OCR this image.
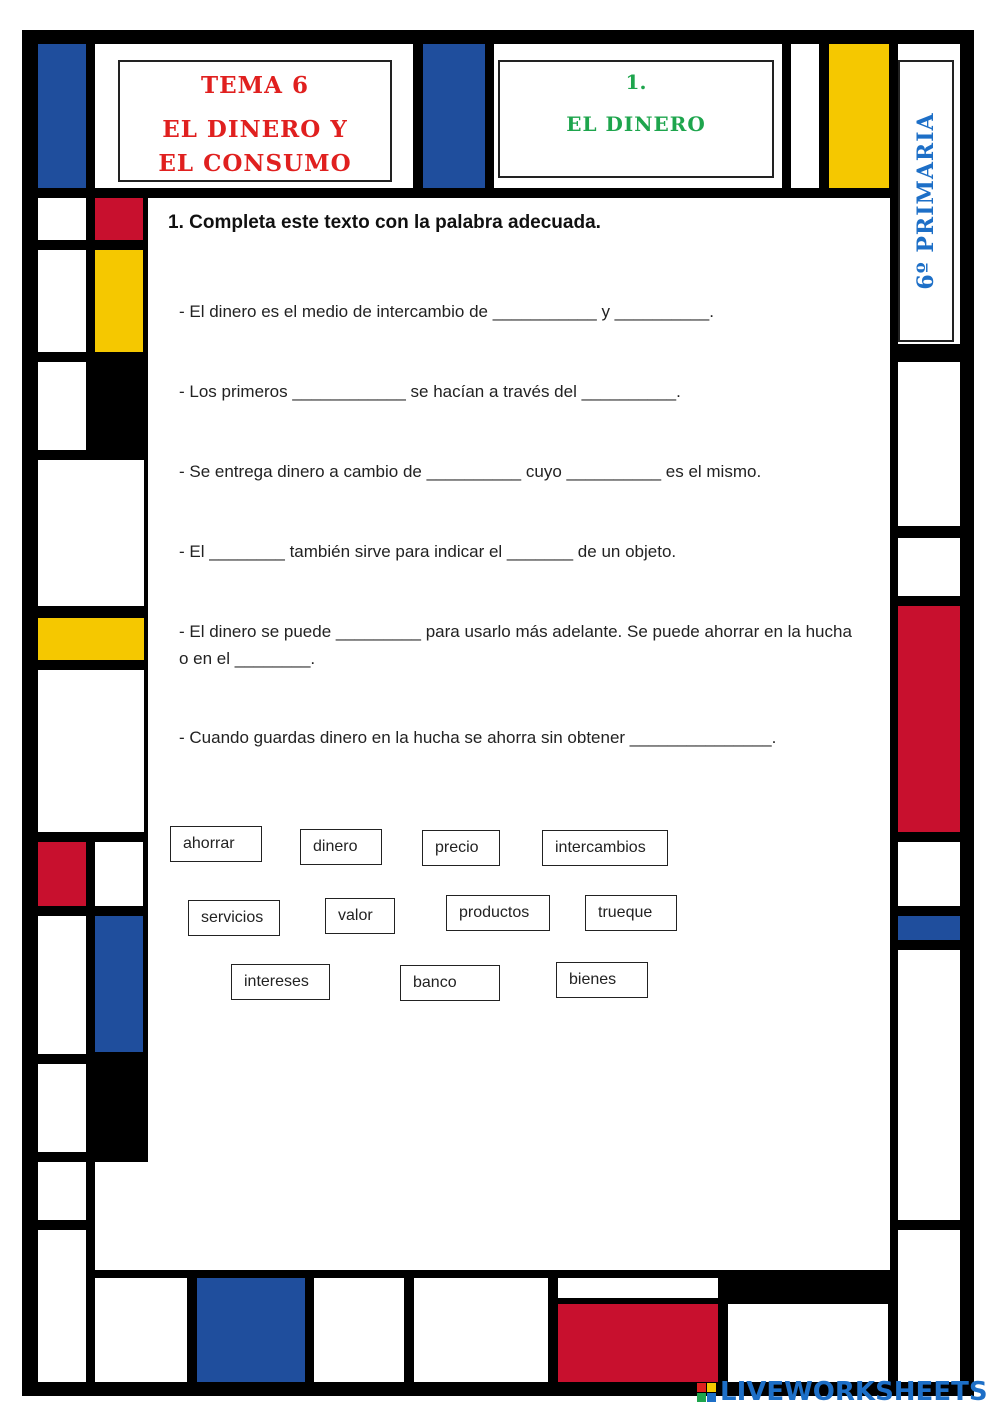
TEMA 6
EL DINERO Y
EL CONSUMO
1.
EL DINERO	6º PRIMARIA
1. Completa este texto con la palabra adecuada.
- El dinero es el medio de intercambio de ___________ y __________.
- Los primeros ____________ se hacían a través del __________.
- Se entrega dinero a cambio de __________ cuyo __________ es el mismo.
- El ________ también sirve para indicar el _______ de un objeto.
- El dinero se puede _________ para usarlo más adelante. Se puede ahorrar en la hucha o en el ________.
- Cuando guardas dinero en la hucha se ahorra sin obtener _______________.
ahorrar	dinero	precio	intercambios
servicios	valor	productos	trueque
intereses	banco	bienes
LIVEWORKSHEETS
